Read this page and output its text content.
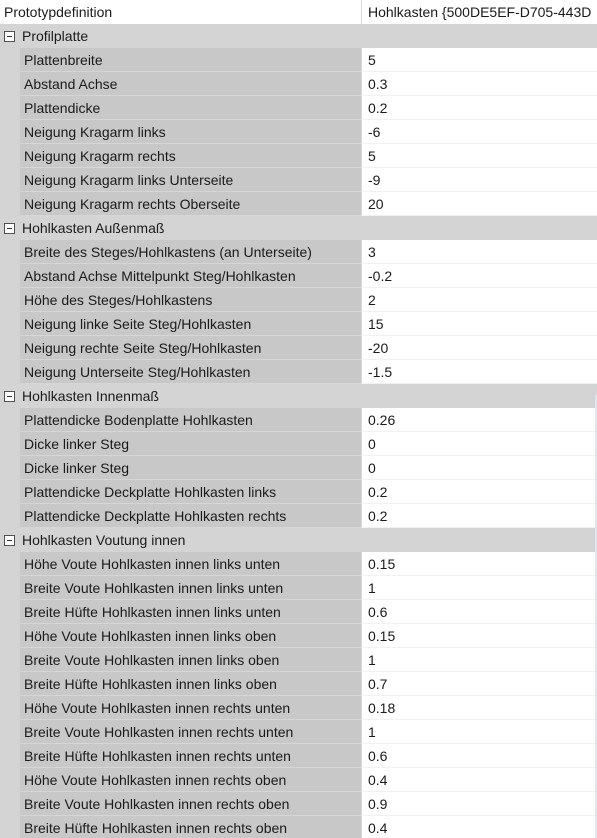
Prototypdefinition	Hohlkasten {500DE5EF-D705-443D
Profilplatte
Plattenbreite	5
Abstand Achse	0.3
Plattendicke	0.2
Neigung Kragarm links	-6
Neigung Kragarm rechts	5
Neigung Kragarm links Unterseite	-9
Neigung Kragarm rechts Oberseite	20
Hohlkasten Außenmaß
Breite des Steges/Hohlkastens (an Unterseite)	3
Abstand Achse Mittelpunkt Steg/Hohlkasten	-0.2
Höhe des Steges/Hohlkastens	2
Neigung linke Seite Steg/Hohlkasten	15
Neigung rechte Seite Steg/Hohlkasten	-20
Neigung Unterseite Steg/Hohlkasten	-1.5
Hohlkasten Innenmaß
Plattendicke Bodenplatte Hohlkasten	0.26
Dicke linker Steg	0
Dicke linker Steg	0
Plattendicke Deckplatte Hohlkasten links	0.2
Plattendicke Deckplatte Hohlkasten rechts	0.2
Hohlkasten Voutung innen
Höhe Voute Hohlkasten innen links unten	0.15
Breite Voute Hohlkasten innen links unten	1
Breite Hüfte Hohlkasten innen links unten	0.6
Höhe Voute Hohlkasten innen links oben	0.15
Breite Voute Hohlkasten innen links oben	1
Breite Hüfte Hohlkasten innen links oben	0.7
Höhe Voute Hohlkasten innen rechts unten	0.18
Breite Voute Hohlkasten innen rechts unten	1
Breite Hüfte Hohlkasten innen rechts unten	0.6
Höhe Voute Hohlkasten innen rechts oben	0.4
Breite Voute Hohlkasten innen rechts oben	0.9
Breite Hüfte Hohlkasten innen rechts oben	0.4
